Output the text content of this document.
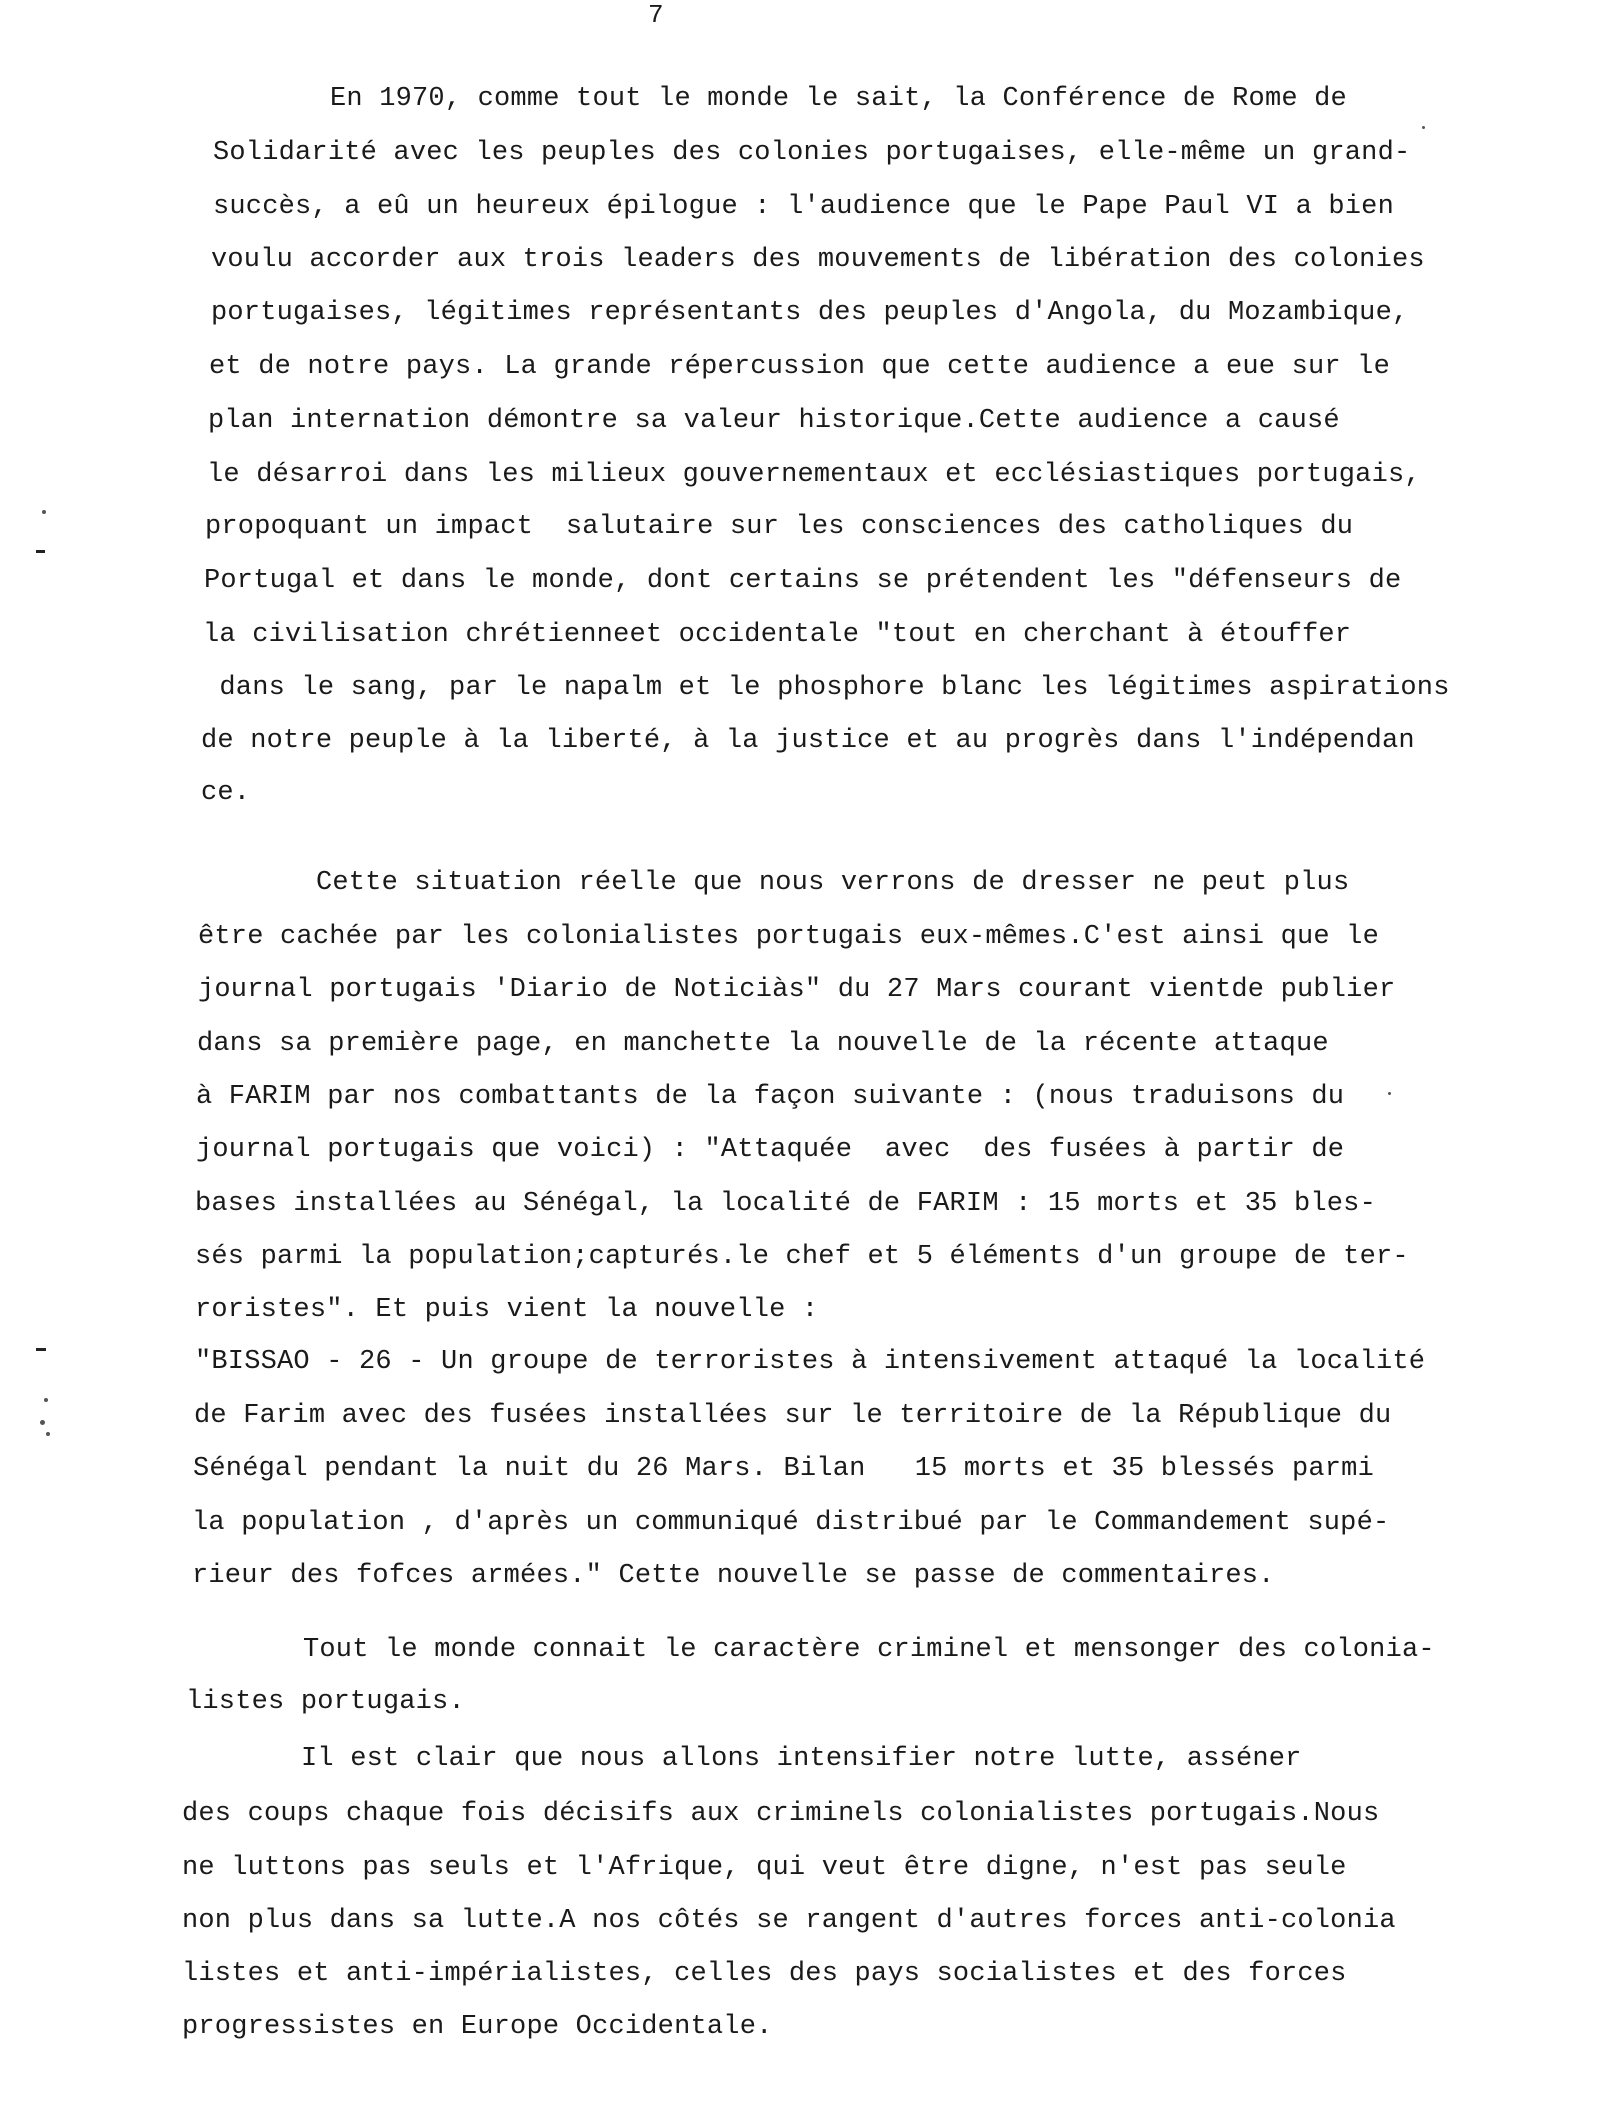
7
En 1970, comme tout le monde le sait, la Conférence de Rome de
Solidarité avec les peuples des colonies portugaises, elle-même un grand-
succès, a eû un heureux épilogue : l'audience que le Pape Paul VI a bien
voulu accorder aux trois leaders des mouvements de libération des colonies
portugaises, légitimes représentants des peuples d'Angola, du Mozambique,
et de notre pays. La grande répercussion que cette audience a eue sur le
plan internation démontre sa valeur historique.Cette audience a causé
le désarroi dans les milieux gouvernementaux et ecclésiastiques portugais,
propoquant un impact  salutaire sur les consciences des catholiques du
Portugal et dans le monde, dont certains se prétendent les "défenseurs de
la civilisation chrétienneet occidentale "tout en cherchant à étouffer
dans le sang, par le napalm et le phosphore blanc les légitimes aspirations
de notre peuple à la liberté, à la justice et au progrès dans l'indépendan
ce.
Cette situation réelle que nous verrons de dresser ne peut plus
être cachée par les colonialistes portugais eux-mêmes.C'est ainsi que le
journal portugais 'Diario de Noticiàs" du 27 Mars courant vientde publier
dans sa première page, en manchette la nouvelle de la récente attaque
à FARIM par nos combattants de la façon suivante : (nous traduisons du
journal portugais que voici) : "Attaquée  avec  des fusées à partir de
bases installées au Sénégal, la localité de FARIM : 15 morts et 35 bles-
sés parmi la population;capturés.le chef et 5 éléments d'un groupe de ter-
roristes". Et puis vient la nouvelle :
"BISSAO - 26 - Un groupe de terroristes à intensivement attaqué la localité
de Farim avec des fusées installées sur le territoire de la République du
Sénégal pendant la nuit du 26 Mars. Bilan   15 morts et 35 blessés parmi
la population , d'après un communiqué distribué par le Commandement supé-
rieur des fofces armées." Cette nouvelle se passe de commentaires.
Tout le monde connait le caractère criminel et mensonger des colonia-
listes portugais.
Il est clair que nous allons intensifier notre lutte, asséner
des coups chaque fois décisifs aux criminels colonialistes portugais.Nous
ne luttons pas seuls et l'Afrique, qui veut être digne, n'est pas seule
non plus dans sa lutte.A nos côtés se rangent d'autres forces anti-colonia
listes et anti-impérialistes, celles des pays socialistes et des forces
progressistes en Europe Occidentale.
